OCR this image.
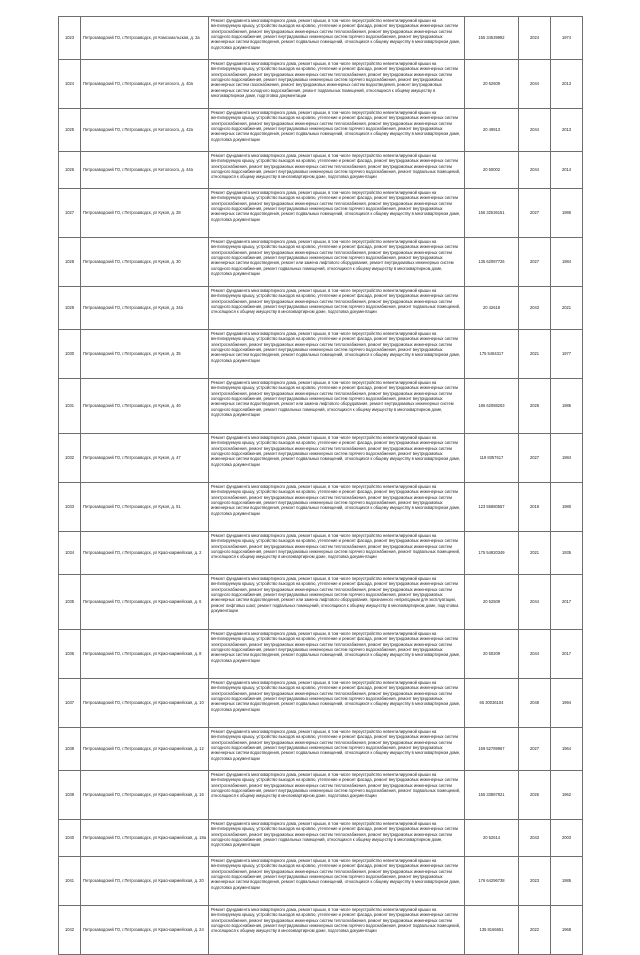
1023	Петрозаводский ГО, г.Петрозаводск, ул Комсомольская, д. 3а	Ремонт фундамента многоквартирного дома, ремонт крыши, в том числе переустройство невентилируемой крыши на вентилируемую крышу, устройство выходов на кровлю, утепление и ремонт фасада, ремонт внутридомовых инженерных систем электроснабжения, ремонт внутридомовых инженерных систем теплоснабжения, ремонт внутридомовых инженерных систем холодного водоснабжения, ремонт внутридомовых инженерных систем горячего водоснабжения, ремонт внутридомовых инженерных систем водоотведения, ремонт подвальных помещений, относящихся к общему имуществу в многоквартирном доме, подготовка документации	155 34539992	2024	1974
1024	Петрозаводский ГО, г.Петрозаводск, ул Кетолского, д. 40а	Ремонт фундамента многоквартирного дома, ремонт крыши, в том числе переустройство невентилируемой крыши на вентилируемую крышу, устройство выходов на кровлю, утепление и ремонт фасада, ремонт внутридомовых инженерных систем электроснабжения, ремонт внутридомовых инженерных систем теплоснабжения, ремонт внутридомовых инженерных систем холодного водоснабжения, ремонт внутридомовых инженерных систем горячего водоснабжения, ремонт внутридомовых инженерных систем газоснабжения, ремонт внутридомовых инженерных систем водоотведения, ремонт внутридомовых инженерных систем холодного водоснабжения, ремонт подвальных помещений, относящихся к общему имуществу в многоквартирном доме, подготовка документации	20 52609	2044	2013
1025	Петрозаводский ГО, г.Петрозаводск, ул Кетолского, д. 42а	Ремонт фундамента многоквартирного дома, ремонт крыши, в том числе переустройство невентилируемой крыши на вентилируемую крышу, устройство выходов на кровлю, утепление и ремонт фасада, ремонт внутридомовых инженерных систем электроснабжения, ремонт внутридомовых инженерных систем теплоснабжения, ремонт внутридомовых инженерных систем холодного водоснабжения, ремонт внутридомовых инженерных систем горячего водоснабжения, ремонт внутридомовых инженерных систем водоотведения, ремонт подвальных помещений, относящихся к общему имуществу в многоквартирном доме, подготовка документации	20 49913	2044	2013
1026	Петрозаводский ГО, г.Петрозаводск, ул Кетолского, д. 44а	Ремонт фундамента многоквартирного дома, ремонт крыши, в том числе переустройство невентилируемой крыши на вентилируемую крышу, устройство выходов на кровлю, утепление и ремонт фасада, ремонт внутридомовых инженерных систем электроснабжения, ремонт внутридомовых инженерных систем теплоснабжения, ремонт внутридомовых инженерных систем холодного водоснабжения, ремонт внутридомовых инженерных систем горячего водоснабжения, ремонт подвальных помещений, относящихся к общему имуществу в многоквартирном доме, подготовка документации	20 50002	2044	2014
1027	Петрозаводский ГО, г.Петрозаводск, ул Кукоя, д. 28	Ремонт фундамента многоквартирного дома, ремонт крыши, в том числе переустройство невентилируемой крыши на вентилируемую крышу, устройство выходов на кровлю, утепление и ремонт фасада, ремонт внутридомовых инженерных систем электроснабжения, ремонт внутридомовых инженерных систем теплоснабжения, ремонт внутридомовых инженерных систем холодного водоснабжения, ремонт внутридомовых инженерных систем горячего водоснабжения, ремонт внутридомовых инженерных систем водоотведения, ремонт подвальных помещений, относящихся к общему имуществу в многоквартирном доме, подготовка документации	156 32536151	2027	1986
1028	Петрозаводский ГО, г.Петрозаводск, ул Кукоя, д. 30	Ремонт фундамента многоквартирного дома, ремонт крыши, в том числе переустройство невентилируемой крыши на вентилируемую крышу, устройство выходов на кровлю, утепление и ремонт фасада, ремонт внутридомовых инженерных систем электроснабжения, ремонт внутридомовых инженерных систем теплоснабжения, ремонт внутридомовых инженерных систем холодного водоснабжения, ремонт внутридомовых инженерных систем горячего водоснабжения, ремонт внутридомовых инженерных систем водоотведения, ремонт или замена лифтового оборудования, ремонт внутридомовых инженерных систем холодного водоснабжения, ремонт подвальных помещений, относящихся к общему имуществу в многоквартирном доме, подготовка документации	135 62087726	2027	1984
1029	Петрозаводский ГО, г.Петрозаводск, ул Кукоя, д. 34а	Ремонт фундамента многоквартирного дома, ремонт крыши, в том числе переустройство невентилируемой крыши на вентилируемую крышу, устройство выходов на кровлю, утепление и ремонт фасада, ремонт внутридомовых инженерных систем электроснабжения, ремонт внутридомовых инженерных систем теплоснабжения, ремонт внутридомовых инженерных систем холодного водоснабжения, ремонт внутридомовых инженерных систем горячего водоснабжения, ремонт подвальных помещений, относящихся к общему имуществу в многоквартирном доме, подготовка документации	20 42618	2043	2021
1030	Петрозаводский ГО, г.Петрозаводск, ул Кукоя, д. 35	Ремонт фундамента многоквартирного дома, ремонт крыши, в том числе переустройство невентилируемой крыши на вентилируемую крышу, устройство выходов на кровлю, утепление и ремонт фасада, ремонт внутридомовых инженерных систем электроснабжения, ремонт внутридомовых инженерных систем теплоснабжения, ремонт внутридомовых инженерных систем холодного водоснабжения, ремонт внутридомовых инженерных систем горячего водоснабжения, ремонт внутридомовых инженерных систем водоотведения, ремонт подвальных помещений, относящихся к общему имуществу в многоквартирном доме, подготовка документации	175 5484317	2021	1977
1031	Петрозаводский ГО, г.Петрозаводск, ул Кукоя, д. 46	Ремонт фундамента многоквартирного дома, ремонт крыши, в том числе переустройство невентилируемой крыши на вентилируемую крышу, устройство выходов на кровлю, утепление и ремонт фасада, ремонт внутридомовых инженерных систем электроснабжения, ремонт внутридомовых инженерных систем теплоснабжения, ремонт внутридомовых инженерных систем холодного водоснабжения, ремонт внутридомовых инженерных систем горячего водоснабжения, ремонт внутридомовых инженерных систем водоотведения, ремонт или замена лифтового оборудования, ремонт внутридомовых инженерных систем холодного водоснабжения, ремонт подвальных помещений, относящихся к общему имуществу в многоквартирном доме, подготовка документации	186 62088203	2028	1985
1032	Петрозаводский ГО, г.Петрозаводск, ул Кукоя, д. 47	Ремонт фундамента многоквартирного дома, ремонт крыши, в том числе переустройство невентилируемой крыши на вентилируемую крышу, устройство выходов на кровлю, утепление и ремонт фасада, ремонт внутридомовых инженерных систем электроснабжения, ремонт внутридомовых инженерных систем теплоснабжения, ремонт внутридомовых инженерных систем холодного водоснабжения, ремонт внутридомовых инженерных систем горячего водоснабжения, ремонт внутридомовых инженерных систем водоотведения, ремонт подвальных помещений, относящихся к общему имуществу в многоквартирном доме, подготовка документации	119 8357617	2027	1984
1033	Петрозаводский ГО, г.Петрозаводск, ул Кукоя, д. 51	Ремонт фундамента многоквартирного дома, ремонт крыши, в том числе переустройство невентилируемой крыши на вентилируемую крышу, устройство выходов на кровлю, утепление и ремонт фасада, ремонт внутридомовых инженерных систем электроснабжения, ремонт внутридомовых инженерных систем теплоснабжения, ремонт внутридомовых инженерных систем холодного водоснабжения, ремонт внутридомовых инженерных систем горячего водоснабжения, ремонт внутридомовых инженерных систем водоотведения, ремонт подвальных помещений, относящихся к общему имуществу в многоквартирном доме, подготовка документации	123 55880557	2019	1980
1034	Петрозаводский ГО, г.Петрозаводск, ул Красноармейская, д. 2	Ремонт фундамента многоквартирного дома, ремонт крыши, в том числе переустройство невентилируемой крыши на вентилируемую крышу, устройство выходов на кровлю, утепление и ремонт фасада, ремонт внутридомовых инженерных систем электроснабжения, ремонт внутридомовых инженерных систем теплоснабжения, ремонт внутридомовых инженерных систем холодного водоснабжения, ремонт внутридомовых инженерных систем горячего водоснабжения, ремонт подвальных помещений, относящихся к общему имуществу в многоквартирном доме, подготовка документации	175 54920349	2021	1935
1035	Петрозаводский ГО, г.Петрозаводск, ул Красноармейская, д. 6	Ремонт фундамента многоквартирного дома, ремонт крыши, в том числе переустройство невентилируемой крыши на вентилируемую крышу, устройство выходов на кровлю, утепление и ремонт фасада, ремонт внутридомовых инженерных систем электроснабжения, ремонт внутридомовых инженерных систем теплоснабжения, ремонт внутридомовых инженерных систем холодного водоснабжения, ремонт внутридомовых инженерных систем горячего водоснабжения, ремонт внутридомовых инженерных систем водоотведения, ремонт или замена лифтового оборудования, признанного непригодным для эксплуатации, ремонт лифтовых шахт, ремонт подвальных помещений, относящихся к общему имуществу в многоквартирном доме, подготовка документации	20 52509	2044	2017
1036	Петрозаводский ГО, г.Петрозаводск, ул Красноармейская, д. 8	Ремонт фундамента многоквартирного дома, ремонт крыши, в том числе переустройство невентилируемой крыши на вентилируемую крышу, устройство выходов на кровлю, утепление и ремонт фасада, ремонт внутридомовых инженерных систем электроснабжения, ремонт внутридомовых инженерных систем теплоснабжения, ремонт внутридомовых инженерных систем холодного водоснабжения, ремонт внутридомовых инженерных систем горячего водоснабжения, ремонт внутридомовых инженерных систем водоотведения, ремонт подвальных помещений, относящихся к общему имуществу в многоквартирном доме, подготовка документации	20 50209	2044	2017
1037	Петрозаводский ГО, г.Петрозаводск, ул Красноармейская, д. 10	Ремонт фундамента многоквартирного дома, ремонт крыши, в том числе переустройство невентилируемой крыши на вентилируемую крышу, устройство выходов на кровлю, утепление и ремонт фасада, ремонт внутридомовых инженерных систем электроснабжения, ремонт внутридомовых инженерных систем теплоснабжения, ремонт внутридомовых инженерных систем холодного водоснабжения, ремонт внутридомовых инженерных систем горячего водоснабжения, ремонт внутридомовых инженерных систем водоотведения, ремонт подвальных помещений, относящихся к общему имуществу в многоквартирном доме, подготовка документации	65 30036104	2048	1994
1038	Петрозаводский ГО, г.Петрозаводск, ул Красноармейская, д. 12	Ремонт фундамента многоквартирного дома, ремонт крыши, в том числе переустройство невентилируемой крыши на вентилируемую крышу, устройство выходов на кровлю, утепление и ремонт фасада, ремонт внутридомовых инженерных систем электроснабжения, ремонт внутридомовых инженерных систем теплоснабжения, ремонт внутридомовых инженерных систем холодного водоснабжения, ремонт внутридомовых инженерных систем горячего водоснабжения, ремонт внутридомовых инженерных систем водоотведения, ремонт подвальных помещений, относящихся к общему имуществу в многоквартирном доме, подготовка документации	159 52789967	2027	1964
1039	Петрозаводский ГО, г.Петрозаводск, ул Красноармейская, д. 16	Ремонт фундамента многоквартирного дома, ремонт крыши, в том числе переустройство невентилируемой крыши на вентилируемую крышу, устройство выходов на кровлю, утепление и ремонт фасада, ремонт внутридомовых инженерных систем электроснабжения, ремонт внутридомовых инженерных систем теплоснабжения, ремонт внутридомовых инженерных систем холодного водоснабжения, ремонт внутридомовых инженерных систем горячего водоснабжения, ремонт подвальных помещений, относящихся к общему имуществу в многоквартирном доме, подготовка документации	155 33887821	2026	1962
1040	Петрозаводский ГО, г.Петрозаводск, ул Красноармейская, д. 18а	Ремонт фундамента многоквартирного дома, ремонт крыши, в том числе переустройство невентилируемой крыши на вентилируемую крышу, устройство выходов на кровлю, утепление и ремонт фасада, ремонт внутридомовых инженерных систем электроснабжения, ремонт внутридомовых инженерных систем теплоснабжения, ремонт внутридомовых инженерных систем холодного водоснабжения, ремонт подвальных помещений, относящихся к общему имуществу в многоквартирном доме, подготовка документации	20 52614	2043	2003
1041	Петрозаводский ГО, г.Петрозаводск, ул Красноармейская, д. 20	Ремонт фундамента многоквартирного дома, ремонт крыши, в том числе переустройство невентилируемой крыши на вентилируемую крышу, устройство выходов на кровлю, утепление и ремонт фасада, ремонт внутридомовых инженерных систем электроснабжения, ремонт внутридомовых инженерных систем теплоснабжения, ремонт внутридомовых инженерных систем холодного водоснабжения, ремонт внутридомовых инженерных систем горячего водоснабжения, ремонт внутридомовых инженерных систем водоотведения, ремонт подвальных помещений, относящихся к общему имуществу в многоквартирном доме, подготовка документации	176 64296738	2023	1985
1042	Петрозаводский ГО, г.Петрозаводск, ул Красноармейская, д. 24	Ремонт фундамента многоквартирного дома, ремонт крыши, в том числе переустройство невентилируемой крыши на вентилируемую крышу, устройство выходов на кровлю, утепление и ремонт фасада, ремонт внутридомовых инженерных систем электроснабжения, ремонт внутридомовых инженерных систем теплоснабжения, ремонт внутридомовых инженерных систем холодного водоснабжения, ремонт внутридомовых инженерных систем горячего водоснабжения, ремонт подвальных помещений, относящихся к общему имуществу в многоквартирном доме, подготовка документации	135 8166651	2022	1968
